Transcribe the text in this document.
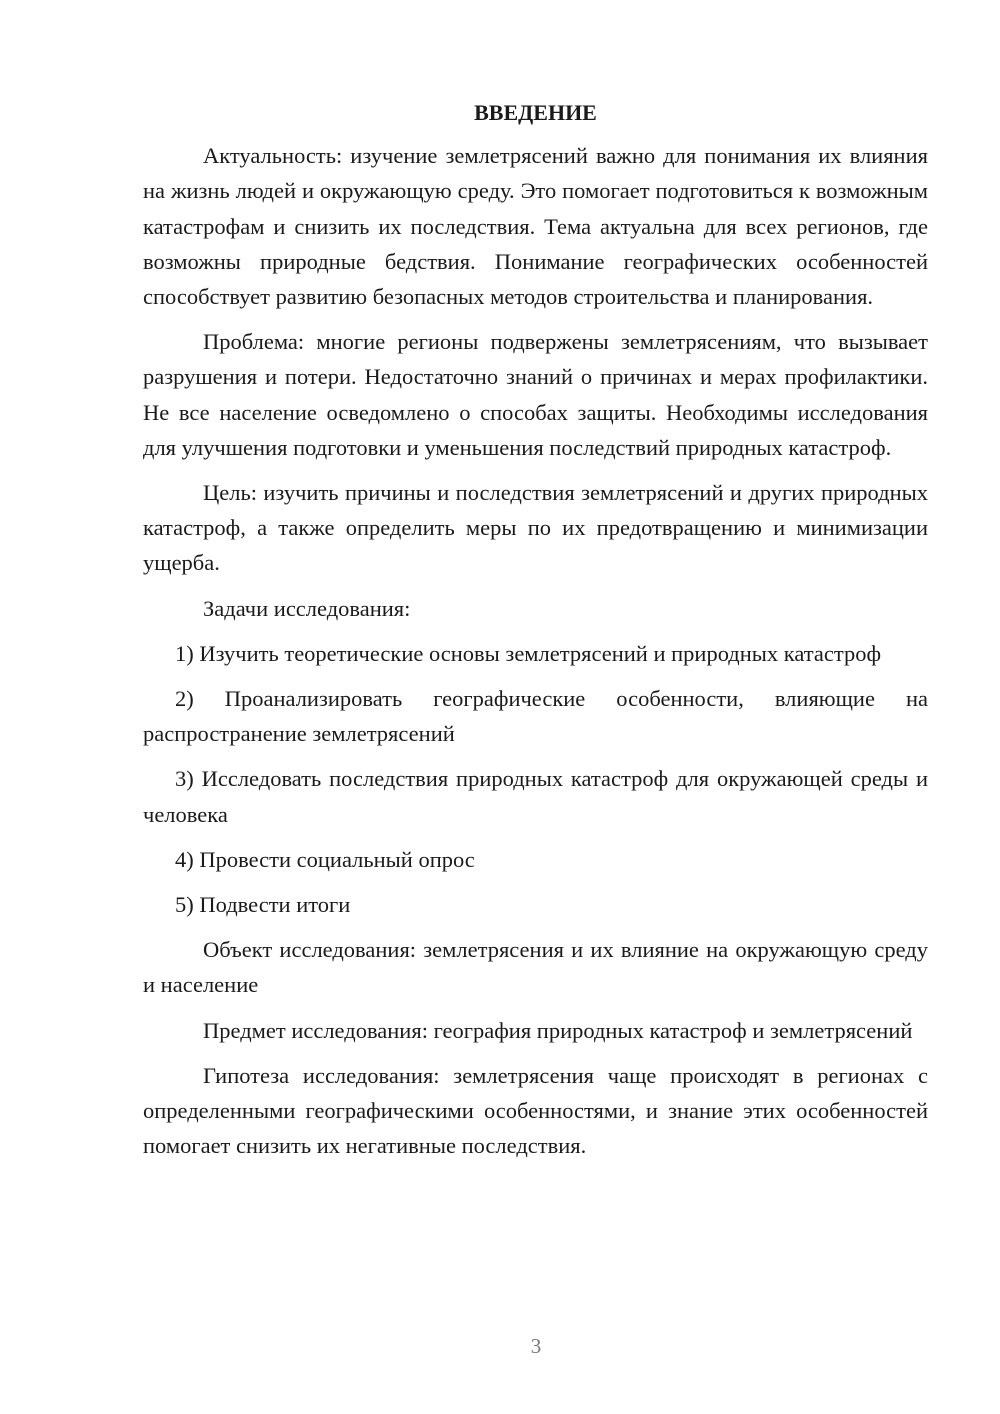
ВВЕДЕНИЕ

Актуальность: изучение землетрясений важно для понимания их влияния на жизнь людей и окружающую среду. Это помогает подготовиться к возможным катастрофам и снизить их последствия. Тема актуальна для всех регионов, где возможны природные бедствия. Понимание географических особенностей способствует развитию безопасных методов строительства и планирования.

Проблема: многие регионы подвержены землетрясениям, что вызывает разрушения и потери. Недостаточно знаний о причинах и мерах профилактики. Не все население осведомлено о способах защиты. Необходимы исследования для улучшения подготовки и уменьшения последствий природных катастроф.

Цель: изучить причины и последствия землетрясений и других природных катастроф, а также определить меры по их предотвращению и минимизации ущерба.

Задачи исследования:

1) Изучить теоретические основы землетрясений и природных катастроф

2) Проанализировать географические особенности, влияющие на распространение землетрясений

3) Исследовать последствия природных катастроф для окружающей среды и человека

4) Провести социальный опрос

5) Подвести итоги

Объект исследования: землетрясения и их влияние на окружающую среду и население

Предмет исследования: география природных катастроф и землетрясений

Гипотеза исследования: землетрясения чаще происходят в регионах с определенными географическими особенностями, и знание этих особенностей помогает снизить их негативные последствия.

3
